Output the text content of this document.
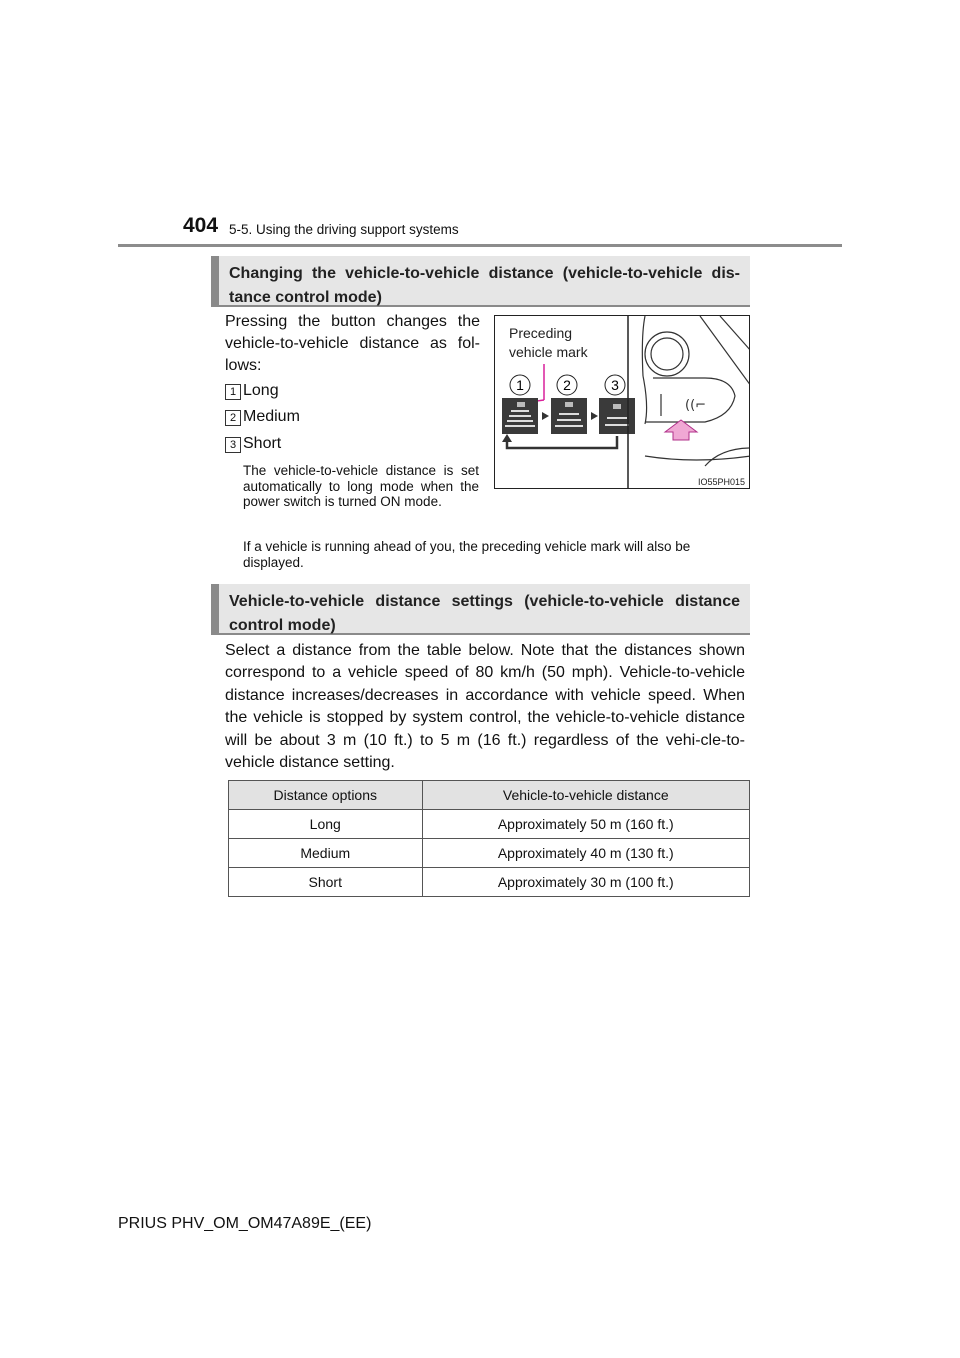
404 5-5. Using the driving support systems
Changing the vehicle-to-vehicle distance (vehicle-to-vehicle dis-tance control mode)
Pressing the button changes the vehicle-to-vehicle distance as fol-lows:
1 Long
2 Medium
3 Short
The vehicle-to-vehicle distance is set automatically to long mode when the power switch is turned ON mode.
If a vehicle is running ahead of you, the preceding vehicle mark will also be displayed.
Preceding
vehicle mark
1	2	3
((⌐
IO55PH015
Vehicle-to-vehicle distance settings (vehicle-to-vehicle distance control mode)
Select a distance from the table below. Note that the distances shown correspond to a vehicle speed of 80 km/h (50 mph). Vehicle-to-vehicle distance increases/decreases in accordance with vehicle speed. When the vehicle is stopped by system control, the vehicle-to-vehicle distance will be about 3 m (10 ft.) to 5 m (16 ft.) regardless of the vehi-cle-to-vehicle distance setting.
Distance options	Vehicle-to-vehicle distance
Long	Approximately 50 m (160 ft.)
Medium	Approximately 40 m (130 ft.)
Short	Approximately 30 m (100 ft.)
PRIUS PHV_OM_OM47A89E_(EE)
